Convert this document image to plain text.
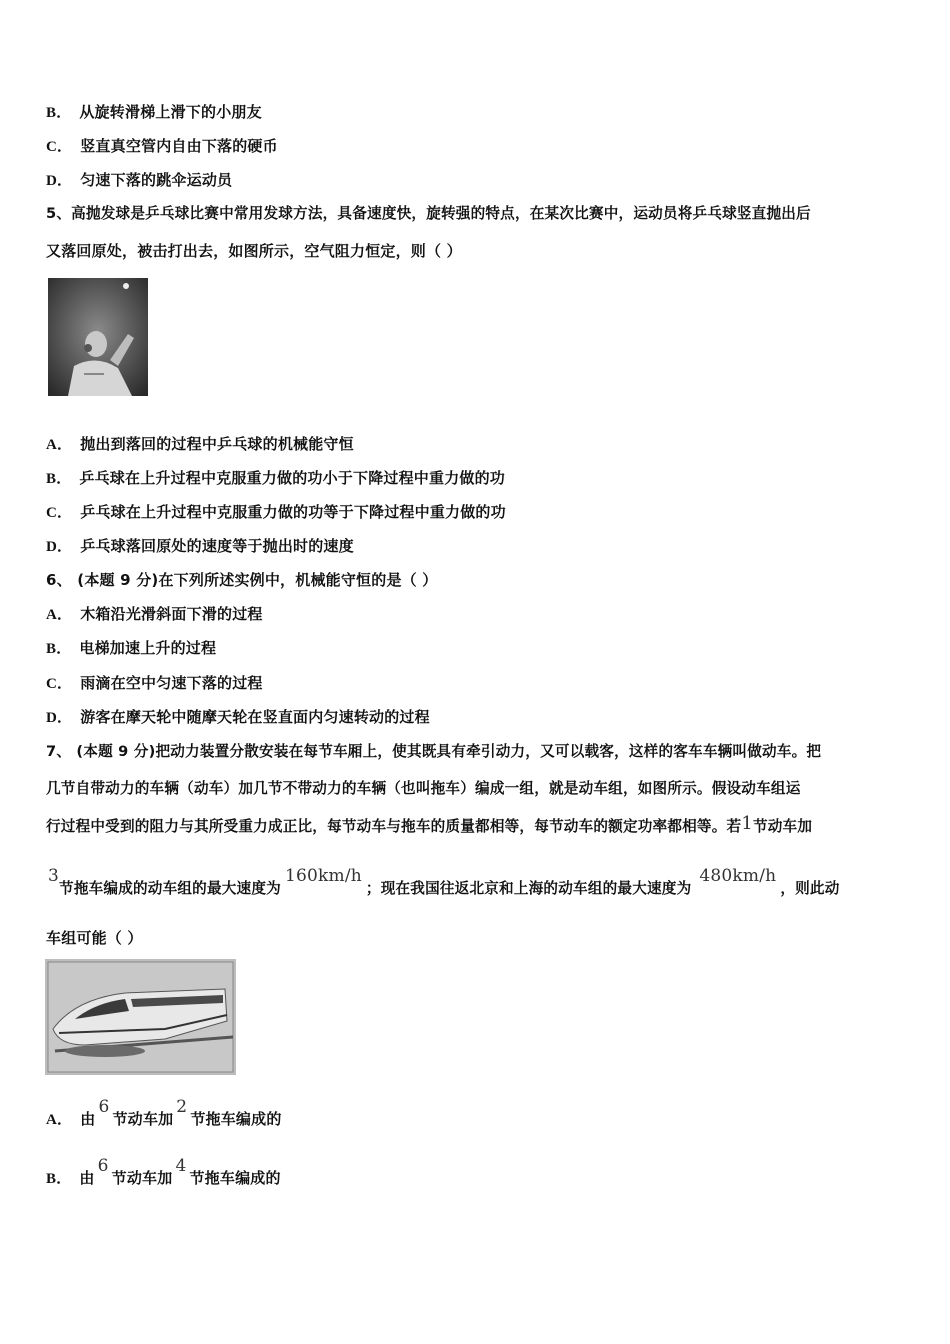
B． 从旋转滑梯上滑下的小朋友
C． 竖直真空管内自由下落的硬币
D． 匀速下落的跳伞运动员
5、高抛发球是乒乓球比赛中常用发球方法，具备速度快，旋转强的特点，在某次比赛中，运动员将乒乓球竖直抛出后
又落回原处，被击打出去，如图所示，空气阻力恒定，则（ ）
A． 抛出到落回的过程中乒乓球的机械能守恒
B． 乒乓球在上升过程中克服重力做的功小于下降过程中重力做的功
C． 乒乓球在上升过程中克服重力做的功等于下降过程中重力做的功
D． 乒乓球落回原处的速度等于抛出时的速度
6、 (本题 9 分)在下列所述实例中，机械能守恒的是（ ）
A． 木箱沿光滑斜面下滑的过程
B． 电梯加速上升的过程
C． 雨滴在空中匀速下落的过程
D． 游客在摩天轮中随摩天轮在竖直面内匀速转动的过程
7、 (本题 9 分)把动力装置分散安装在每节车厢上，使其既具有牵引动力，又可以载客，这样的客车车辆叫做动车。把
几节自带动力的车辆（动车）加几节不带动力的车辆（也叫拖车）编成一组，就是动车组，如图所示。假设动车组运
行过程中受到的阻力与其所受重力成正比，每节动车与拖车的质量都相等，每节动车的额定功率都相等。若1节动车加
3节拖车编成的动车组的最大速度为160km/h；现在我国往返北京和上海的动车组的最大速度为480km/h，则此动
车组可能（ ）
A． 由6节动车加2节拖车编成的
B． 由6节动车加4节拖车编成的
